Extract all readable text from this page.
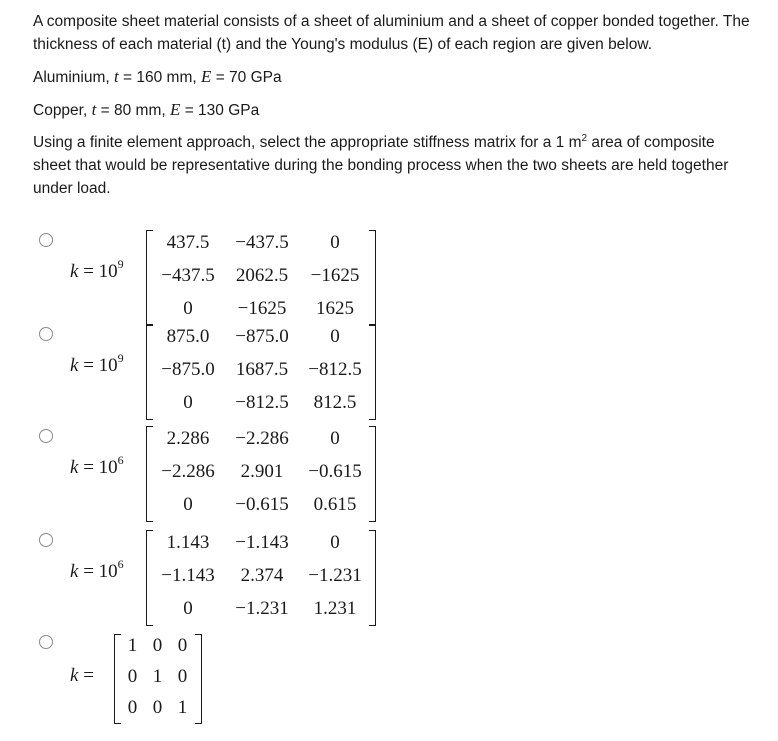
A composite sheet material consists of a sheet of aluminium and a sheet of copper bonded together. The
thickness of each material (t) and the Young's modulus (E) of each region are given below.
Aluminium, t = 160 mm, E = 70 GPa
Copper, t = 80 mm, E = 130 GPa
Using a finite element approach, select the appropriate stiffness matrix for a 1 $m^2$ area of composite
sheet that would be representative during the bonding process when the two sheets are held together
under load.
$k = 10^9$
437.5	−437.5	0
−437.5	2062.5	−1625
0	−1625	1625
$k = 10^9$
875.0	−875.0	0
−875.0	1687.5	−812.5
0	−812.5	812.5
$k = 10^6$
2.286	−2.286	0
−2.286	2.901	−0.615
0	−0.615	0.615
$k = 10^6$
1.143	−1.143	0
−1.143	2.374	−1.231
0	−1.231	1.231
k =
1 0 0
0 1 0
0 0 1
